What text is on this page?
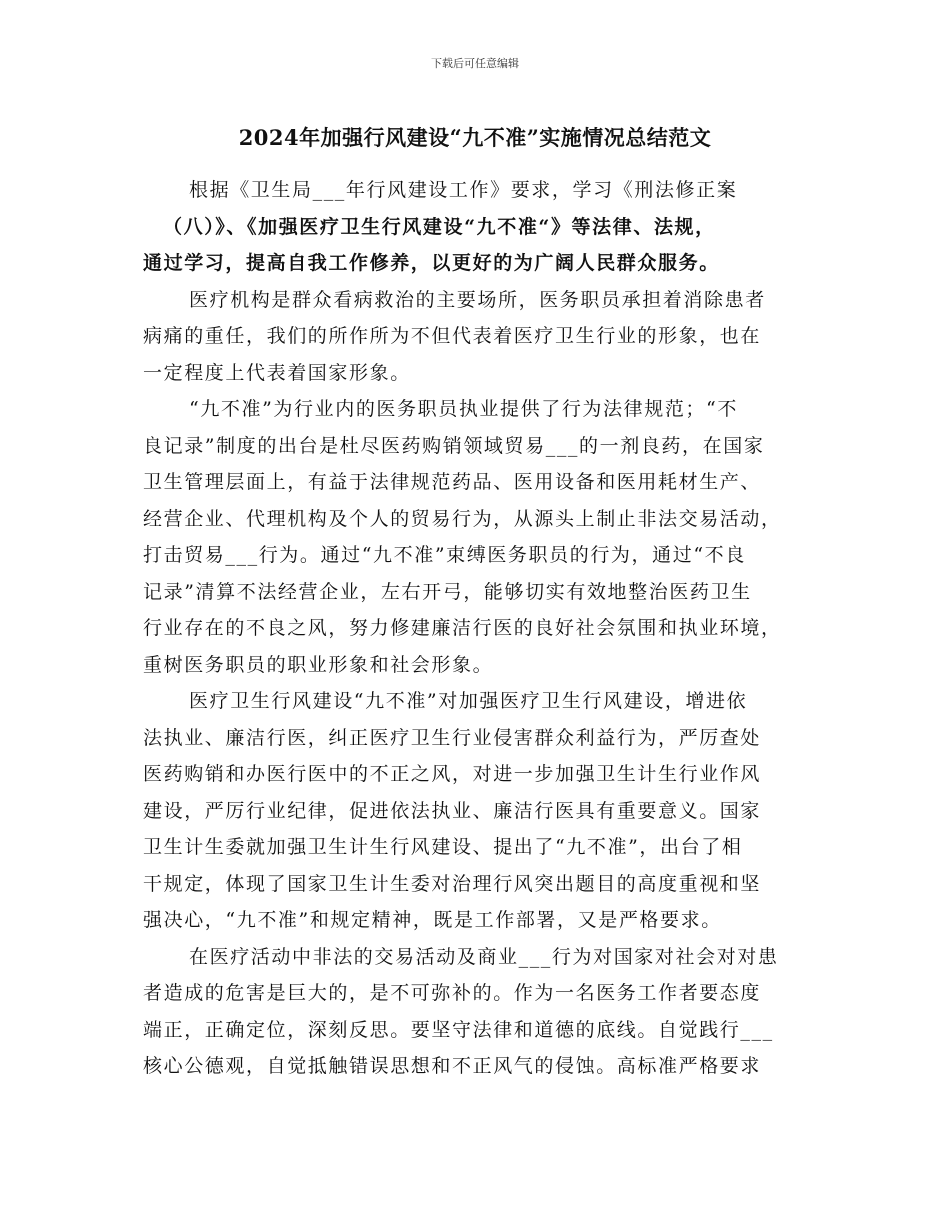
下载后可任意编辑
2024年加强行风建设“九不准”实施情况总结范文
根据《卫生局___年行风建设工作》要求，学习《刑法修正案
（八）》、《加强医疗卫生行风建设“九不准“》等法律、法规，
通过学习，提高自我工作修养，以更好的为广阔人民群众服务。
医疗机构是群众看病救治的主要场所，医务职员承担着消除患者
病痛的重任，我们的所作所为不但代表着医疗卫生行业的形象，也在
一定程度上代表着国家形象。
“九不准”为行业内的医务职员执业提供了行为法律规范；“不
良记录”制度的出台是杜尽医药购销领域贸易___的一剂良药，在国家
卫生管理层面上，有益于法律规范药品、医用设备和医用耗材生产、
经营企业、代理机构及个人的贸易行为，从源头上制止非法交易活动，
打击贸易___行为。通过“九不准”束缚医务职员的行为，通过“不良
记录”清算不法经营企业，左右开弓，能够切实有效地整治医药卫生
行业存在的不良之风，努力修建廉洁行医的良好社会氛围和执业环境，
重树医务职员的职业形象和社会形象。
医疗卫生行风建设“九不准”对加强医疗卫生行风建设，增进依
法执业、廉洁行医，纠正医疗卫生行业侵害群众利益行为，严厉查处
医药购销和办医行医中的不正之风，对进一步加强卫生计生行业作风
建设，严厉行业纪律，促进依法执业、廉洁行医具有重要意义。国家
卫生计生委就加强卫生计生行风建设、提出了“九不准”，出台了相
干规定，体现了国家卫生计生委对治理行风突出题目的高度重视和坚
强决心，“九不准”和规定精神，既是工作部署，又是严格要求。
在医疗活动中非法的交易活动及商业___行为对国家对社会对对患
者造成的危害是巨大的，是不可弥补的。作为一名医务工作者要态度
端正，正确定位，深刻反思。要坚守法律和道德的底线。自觉践行___
核心公德观，自觉抵触错误思想和不正风气的侵蚀。高标准严格要求
